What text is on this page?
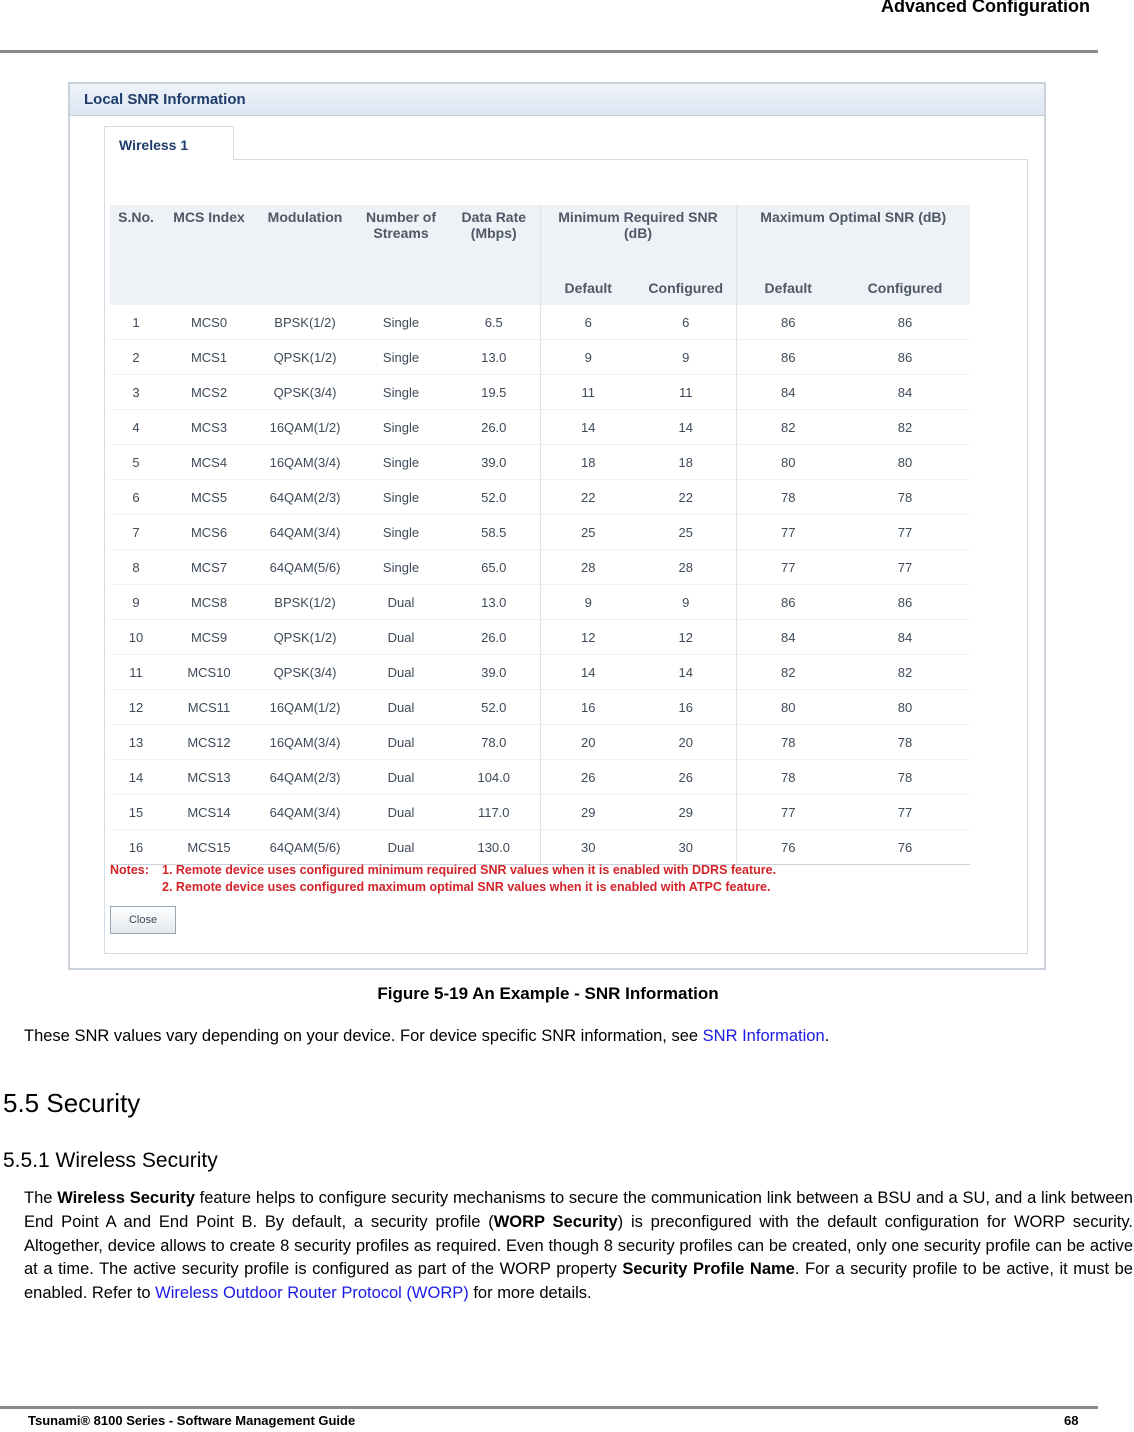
Advanced Configuration
Local SNR Information
Wireless 1
S.No.	MCS Index	Modulation	Number of Streams	Data Rate (Mbps)	Minimum Required SNR (dB)		Maximum Optimal SNR (dB)	
					Default	Configured	Default	Configured
1	MCS0	BPSK(1/2)	Single	6.5	6	6	86	86
2	MCS1	QPSK(1/2)	Single	13.0	9	9	86	86
3	MCS2	QPSK(3/4)	Single	19.5	11	11	84	84
4	MCS3	16QAM(1/2)	Single	26.0	14	14	82	82
5	MCS4	16QAM(3/4)	Single	39.0	18	18	80	80
6	MCS5	64QAM(2/3)	Single	52.0	22	22	78	78
7	MCS6	64QAM(3/4)	Single	58.5	25	25	77	77
8	MCS7	64QAM(5/6)	Single	65.0	28	28	77	77
9	MCS8	BPSK(1/2)	Dual	13.0	9	9	86	86
10	MCS9	QPSK(1/2)	Dual	26.0	12	12	84	84
11	MCS10	QPSK(3/4)	Dual	39.0	14	14	82	82
12	MCS11	16QAM(1/2)	Dual	52.0	16	16	80	80
13	MCS12	16QAM(3/4)	Dual	78.0	20	20	78	78
14	MCS13	64QAM(2/3)	Dual	104.0	26	26	78	78
15	MCS14	64QAM(3/4)	Dual	117.0	29	29	77	77
16	MCS15	64QAM(5/6)	Dual	130.0	30	30	76	76
Notes: 1. Remote device uses configured minimum required SNR values when it is enabled with DDRS feature.
2. Remote device uses configured maximum optimal SNR values when it is enabled with ATPC feature.
Close
Figure 5-19 An Example - SNR Information
These SNR values vary depending on your device. For device specific SNR information, see SNR Information.
5.5 Security
5.5.1 Wireless Security
The Wireless Security feature helps to configure security mechanisms to secure the communication link between a BSU and a SU, and a link between End Point A and End Point B. By default, a security profile (WORP Security) is preconfigured with the default configuration for WORP security. Altogether, device allows to create 8 security profiles as required. Even though 8 security profiles can be created, only one security profile can be active at a time. The active security profile is configured as part of the WORP property Security Profile Name. For a security profile to be active, it must be enabled. Refer to Wireless Outdoor Router Protocol (WORP) for more details.
Tsunami® 8100 Series - Software Management Guide	68
